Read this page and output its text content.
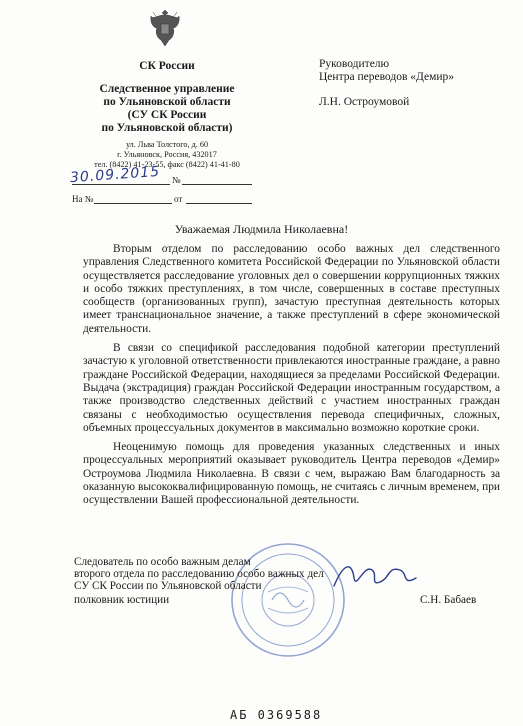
СК России
Следственное управление
по Ульяновской области
(СУ СК России
по Ульяновской области)
ул. Льва Толстого, д. 60
г. Ульяновск, Россия, 432017
тел. (8422) 41-23-55, факс (8422) 41-41-80
30.09.2015 №
На №	от
Руководителю
Центра переводов «Демир»
Л.Н. Остроумовой
Уважаемая Людмила Николаевна!

Вторым отделом по расследованию особо важных дел следственного управления Следственного комитета Российской Федерации по Ульяновской области осуществляется расследование уголовных дел о совершении коррупционных тяжких и особо тяжких преступлениях, в том числе, совершенных в составе преступных сообществ (организованных групп), зачастую преступная деятельность которых имеет транснациональное значение, а также преступлений в сфере экономической деятельности.

В связи со спецификой расследования подобной категории преступлений зачастую к уголовной ответственности привлекаются иностранные граждане, а равно граждане Российской Федерации, находящиеся за пределами Российской Федерации. Выдача (экстрадиция) граждан Российской Федерации иностранным государством, а также производство следственных действий с участием иностранных граждан связаны с необходимостью осуществления перевода специфичных, сложных, объемных процессуальных документов в максимально возможно короткие сроки.

Неоценимую помощь для проведения указанных следственных и иных процессуальных мероприятий оказывает руководитель Центра переводов «Демир» Остроумова Людмила Николаевна. В связи с чем, выражаю Вам благодарность за оказанную высококвалифицированную помощь, не считаясь с личным временем, при осуществлении Вашей профессиональной деятельности.

Следователь по особо важным делам
второго отдела по расследованию особо важных дел
СУ СК России по Ульяновской области
полковник юстиции	С.Н. Бабаев
АБ 0369588
